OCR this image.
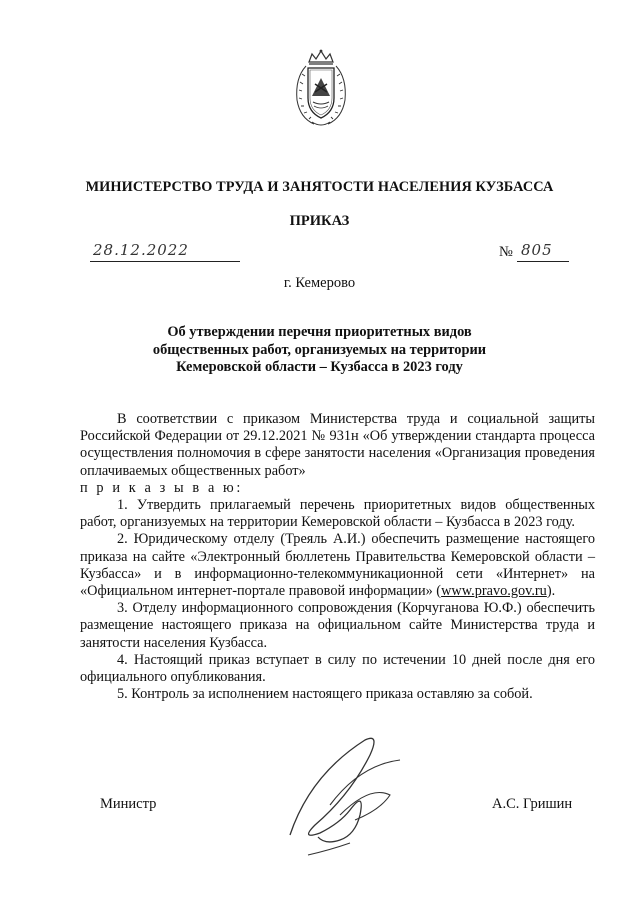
МИНИСТЕРСТВО ТРУДА И ЗАНЯТОСТИ НАСЕЛЕНИЯ КУЗБАССА
ПРИКАЗ
28.12.2022	№ 805
г. Кемерово
Об утверждении перечня приоритетных видов
общественных работ, организуемых на территории
Кемеровской области – Кузбасса в 2023 году

В соответствии с приказом Министерства труда и социальной защиты Российской Федерации от 29.12.2021 № 931н «Об утверждении стандарта процесса осуществления полномочия в сфере занятости населения «Организация проведения оплачиваемых общественных работ»

п р и к а з ы в а ю:

1. Утвердить прилагаемый перечень приоритетных видов общественных работ, организуемых на территории Кемеровской области – Кузбасса в 2023 году.

2. Юридическому отделу (Треяль А.И.) обеспечить размещение настоящего приказа на сайте «Электронный бюллетень Правительства Кемеровской области – Кузбасса» и в информационно-телекоммуникационной сети «Интернет» на «Официальном интернет-портале правовой информации» (www.pravo.gov.ru).

3. Отделу информационного сопровождения (Корчуганова Ю.Ф.) обеспечить размещение настоящего приказа на официальном сайте Министерства труда и занятости населения Кузбасса.

4. Настоящий приказ вступает в силу по истечении 10 дней после дня его официального опубликования.

5. Контроль за исполнением настоящего приказа оставляю за собой.

Министр	А.С. Гришин
